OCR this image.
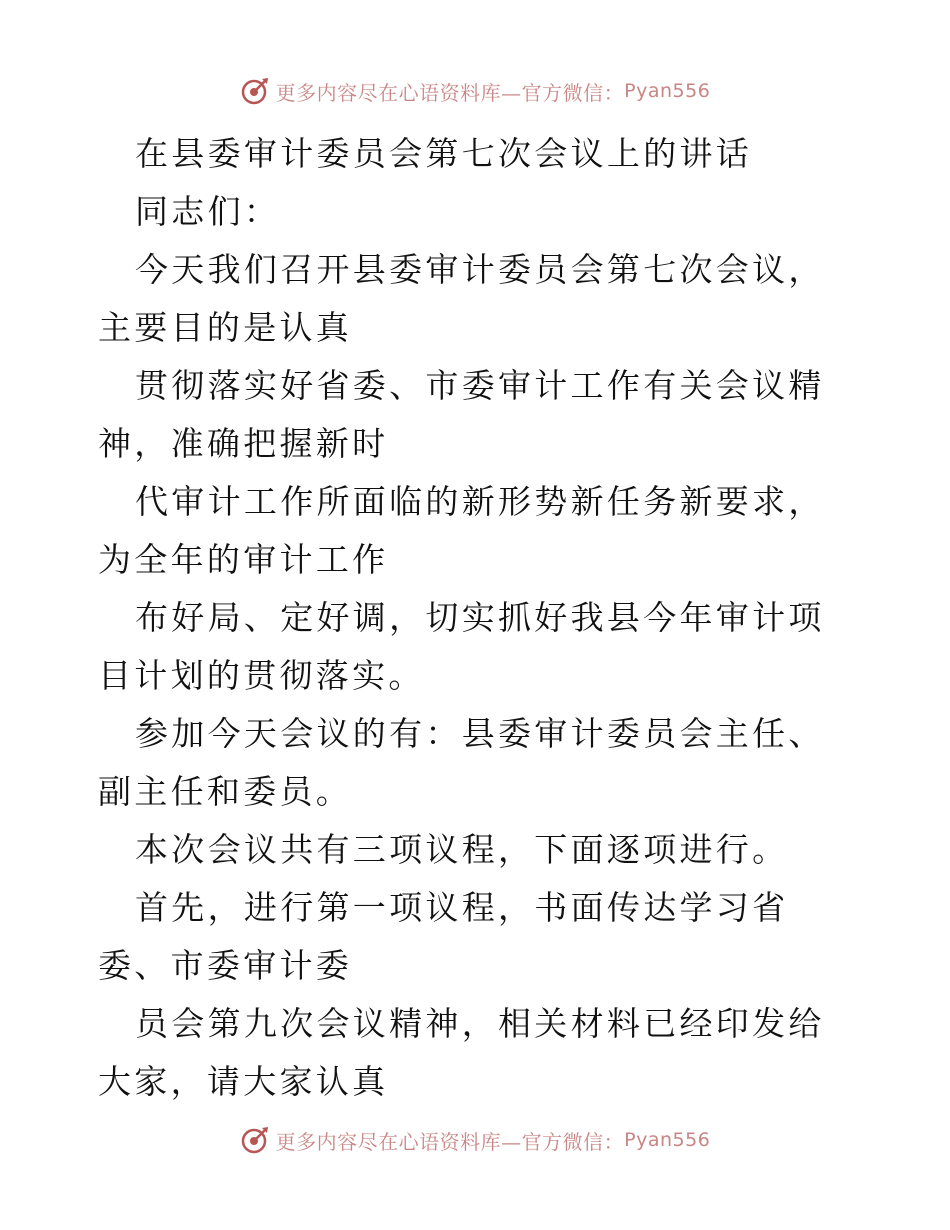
更多内容尽在心语资料库—官方微信： Pyan556

在县委审计委员会第七次会议上的讲话

同志们：

今天我们召开县委审计委员会第七次会议，主要目的是认真

贯彻落实好省委、市委审计工作有关会议精神，准确把握新时

代审计工作所面临的新形势新任务新要求，为全年的审计工作

布好局、定好调，切实抓好我县今年审计项目计划的贯彻落实。

参加今天会议的有：县委审计委员会主任、副主任和委员。

本次会议共有三项议程，下面逐项进行。

首先，进行第一项议程，书面传达学习省委、市委审计委

员会第九次会议精神，相关材料已经印发给大家，请大家认真

更多内容尽在心语资料库—官方微信： Pyan556
